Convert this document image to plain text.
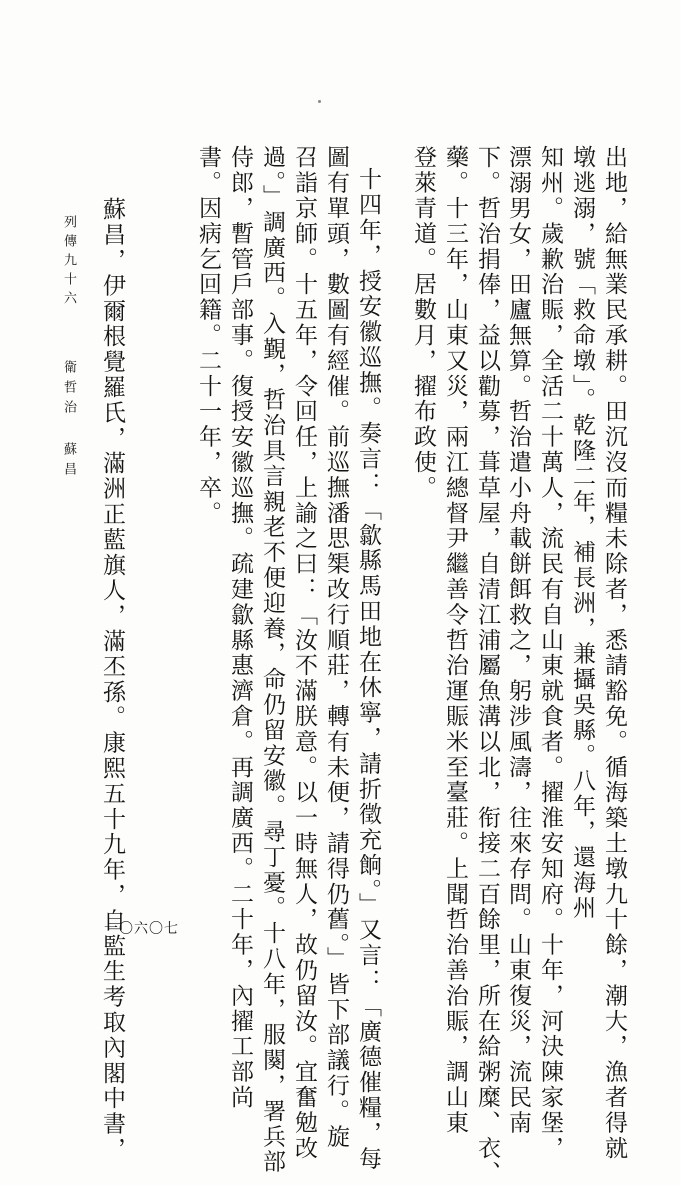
出地，給無業民承耕。田沉沒而糧未除者，悉請豁免。循海築土墩九十餘，潮大，漁者得就
墩逃溺，號「救命墩」。乾隆二年，補長洲，兼攝吳縣。八年，還海州
知州。歲歉治賑，全活二十萬人，流民有自山東就食者。擢淮安知府。十年，河決陳家堡，
漂溺男女，田廬無算。哲治遣小舟載餅餌救之，躬涉風濤，往來存問。山東復災，流民南
下。哲治捐俸，益以勸募，葺草屋，自清江浦屬魚溝以北，衔接二百餘里，所在給粥糜、衣、
藥。十三年，山東又災，兩江總督尹繼善令哲治運賑米至臺莊。上聞哲治善治賑，調山東
登萊青道。居數月，擢布政使。
十四年，授安徽巡撫。奏言：「歙縣馬田地在休寧，請折徵充餉。」又言：「廣德催糧，每
圖有單頭，數圖有經催。前巡撫潘思榘改行順莊，轉有未便，請得仍舊。」皆下部議行。旋
召詣京師。十五年，令回任，上諭之曰：「汝不滿朕意。以一時無人，故仍留汝。宜奮勉改
過。」調廣西。入覲，哲治具言親老不便迎養，命仍留安徽。尋丁憂。十八年，服闋，署兵部
侍郎，暫管戶部事。復授安徽巡撫。疏建歙縣惠濟倉。再調廣西。二十年，內擢工部尚
書。因病乞回籍。二十一年，卒。
蘇昌，伊爾根覺羅氏，滿洲正藍旗人，滿丕孫。康熙五十九年，自監生考取內閣中書，
列傳九十六
衛哲治 蘇昌
一〇六〇七
